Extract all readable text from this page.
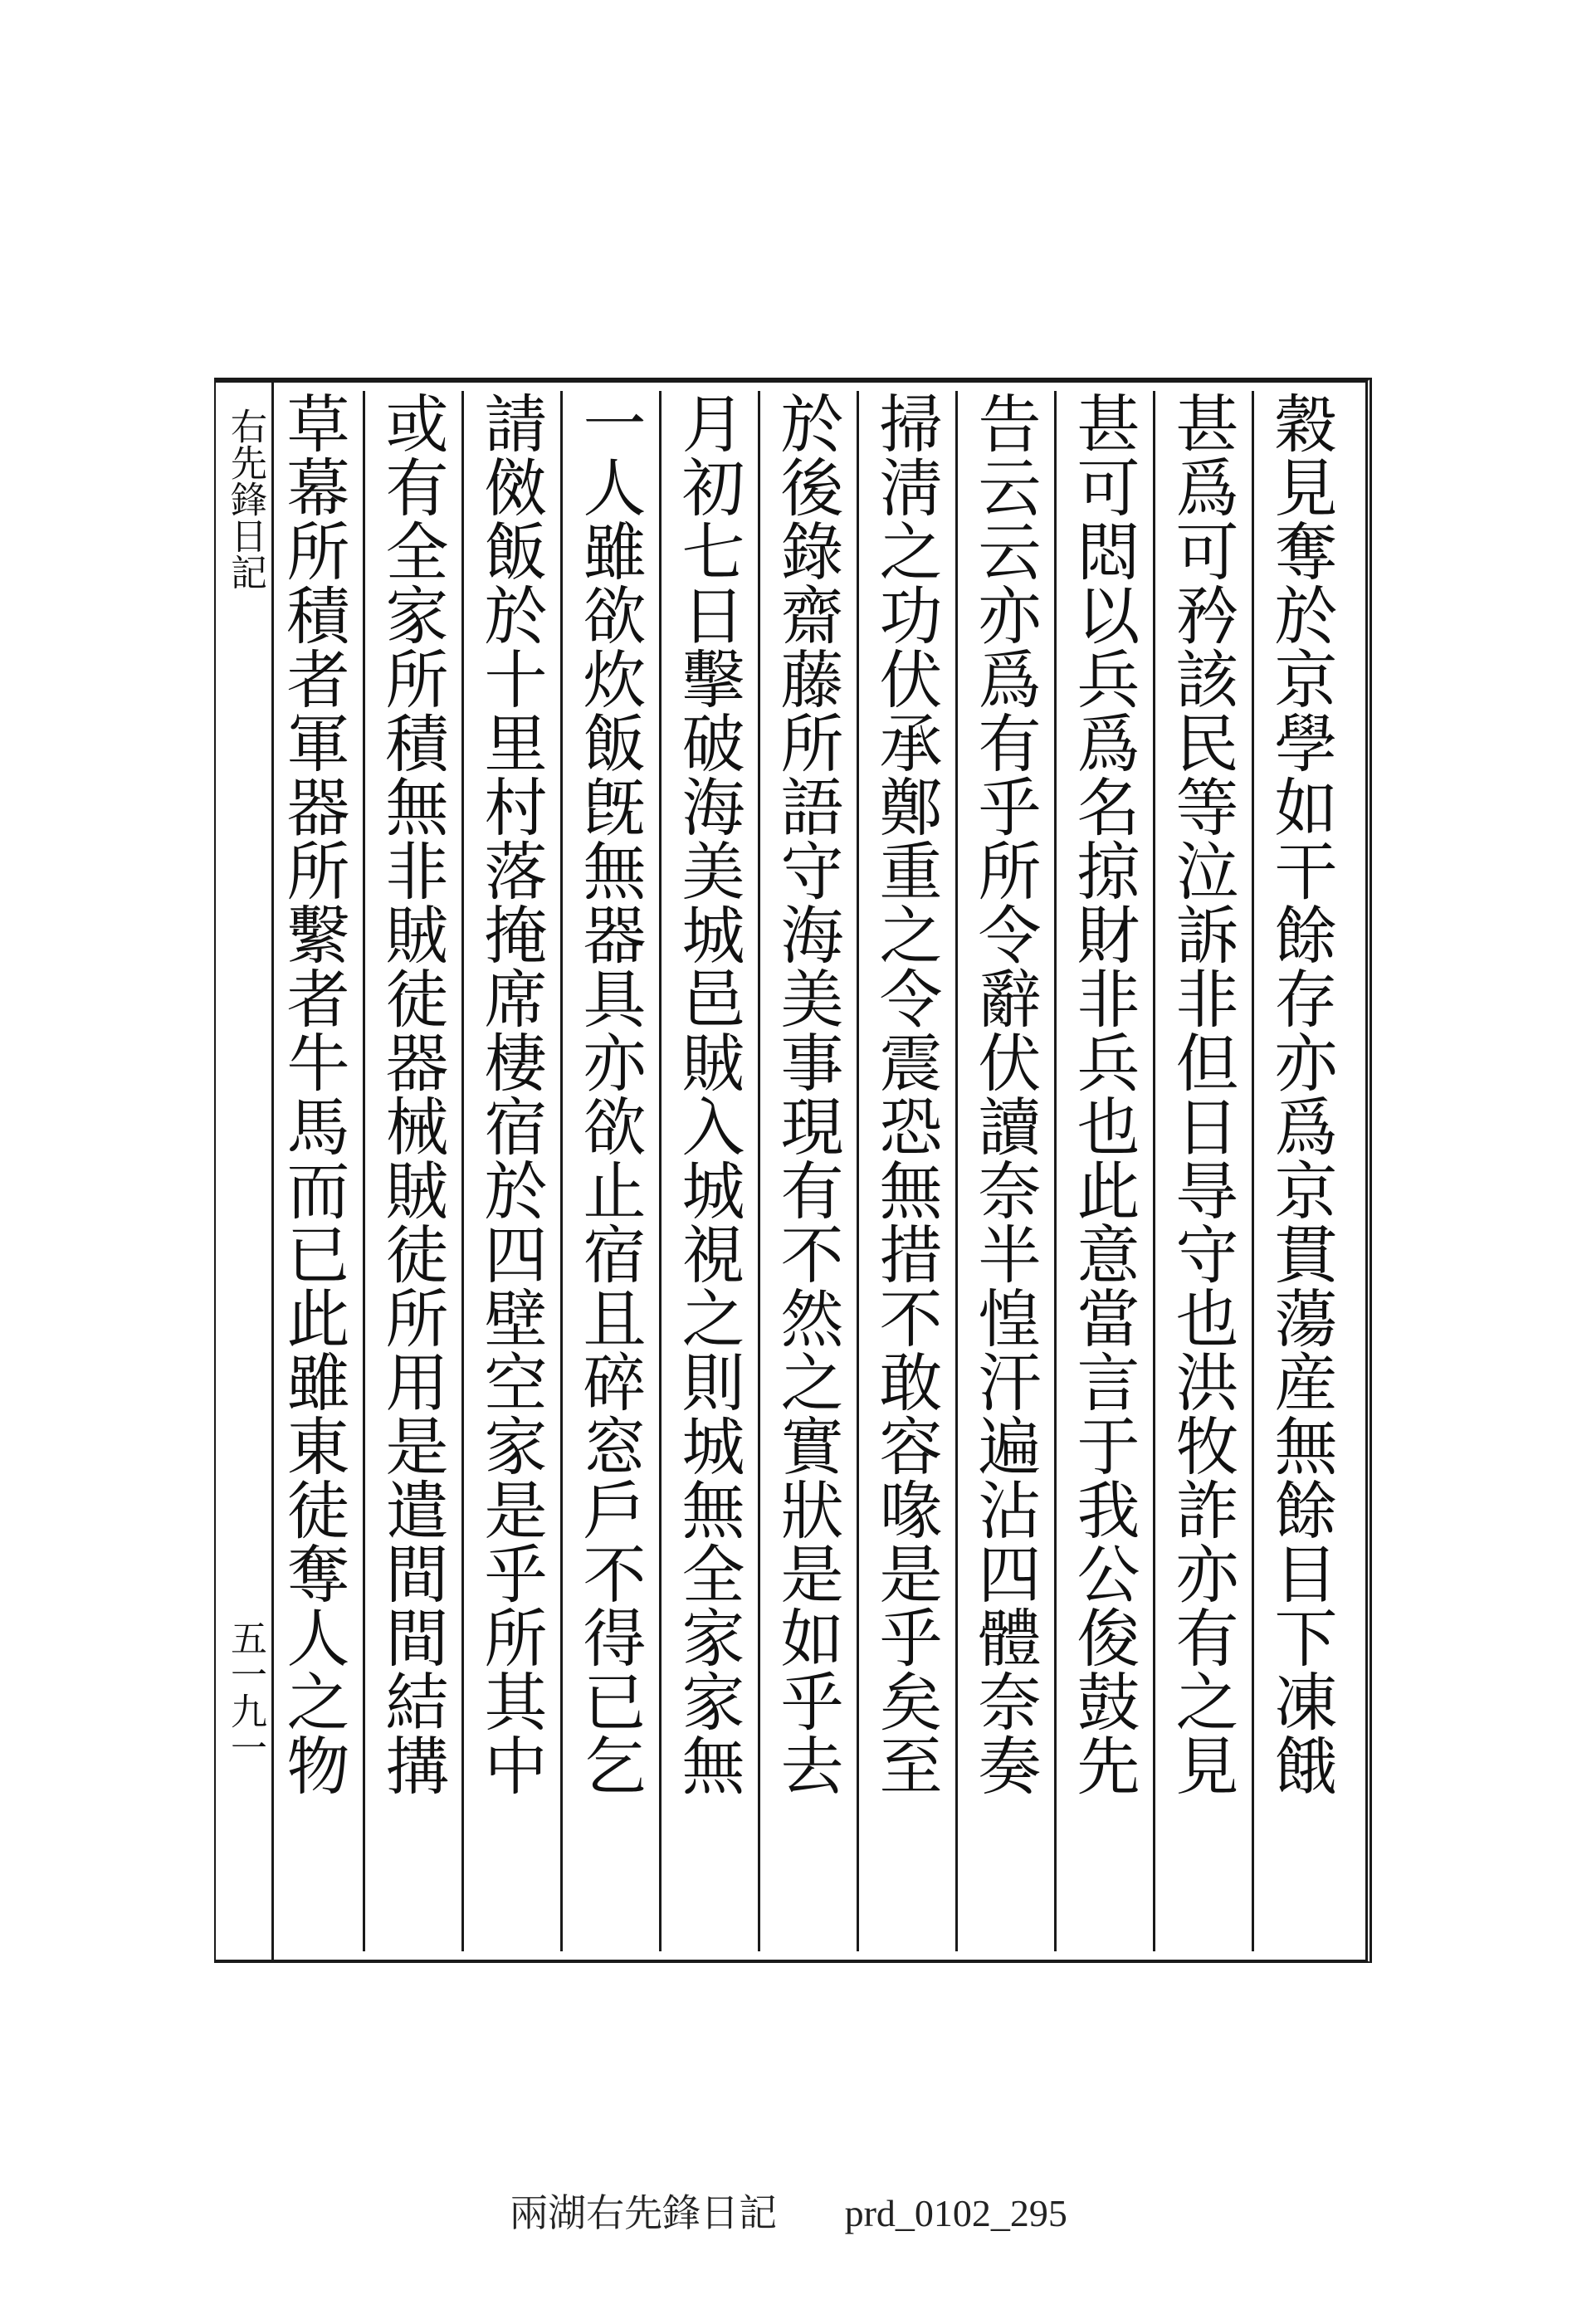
右先鋒日記
五一九一	穀見奪於京學如干餘存亦爲京貫蕩産無餘目下凍餓
甚爲可矜該民等泣訴非但日㝵守也洪牧詐亦有之見
甚可悶以兵爲名掠財非兵也此意當言于我公俊鼓先
告云云亦爲有乎所令辭伏讀奈半惶汗遍沾四體奈奏
掃淸之功伏承鄭重之令震恐無措不敢容喙是乎矣至
於後錄齋藤所語守海美事現有不然之實狀是如乎去
月初七日擊破海美城邑賊入城視之則城無全家家無
一人雖欲炊飯旣無器具亦欲止宿且碎窓戶不得已乞
請傚飯於十里村落掩席棲宿於四壁空家是乎所其中
或有全家所積無非賊徒器械賊徒所用是遣間間結搆
草幕所積者軍器所繫者牛馬而已此雖東徒奪人之物
兩湖右先鋒日記 prd_0102_295
